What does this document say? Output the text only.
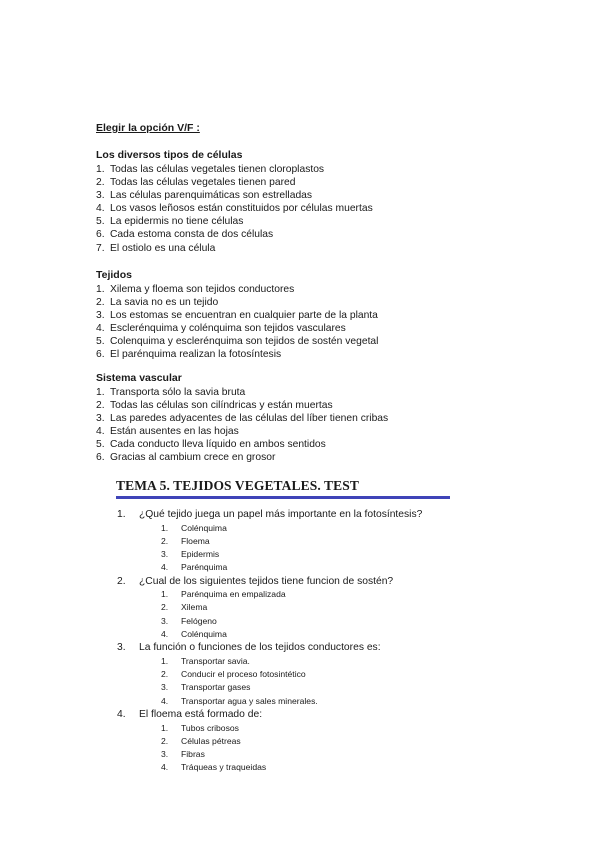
Elegir la opción V/F :

Los diversos tipos de células

1. Todas las células vegetales tienen cloroplastos
2. Todas las células vegetales tienen pared
3. Las células parenquimáticas son estrelladas
4. Los vasos leñosos están constituidos por células muertas
5. La epidermis no tiene células
6. Cada estoma consta de dos células
7. El ostiolo es una célula

Tejidos

1. Xilema y floema son tejidos conductores
2. La savia no es un tejido
3. Los estomas se encuentran en cualquier parte de la planta
4. Esclerénquima y colénquima son tejidos vasculares
5. Colenquima y esclerénquima son tejidos de sostén vegetal
6. El parénquima realizan la fotosíntesis

Sistema vascular

1. Transporta sólo la savia bruta
2. Todas las células son cilíndricas y están muertas
3. Las paredes adyacentes de las células del líber tienen cribas
4. Están ausentes en las hojas
5. Cada conducto lleva líquido en ambos sentidos
6. Gracias al cambium crece en grosor
TEMA 5. TEJIDOS VEGETALES. TEST
1. ¿Qué tejido juega un papel más importante en la fotosíntesis?
1. Colénquima
2. Floema
3. Epidermis
4. Parénquima
2. ¿Cual de los siguientes tejidos tiene funcion de sostén?
1. Parénquima en empalizada
2. Xilema
3. Felógeno
4. Colénquima
3. La función o funciones de los tejidos conductores es:
1. Transportar savia.
2. Conducir el proceso fotosintético
3. Transportar gases
4. Transportar agua y sales minerales.
4. El floema está formado de:
1. Tubos cribosos
2. Células pétreas
3. Fibras
4. Tráqueas y traqueidas
